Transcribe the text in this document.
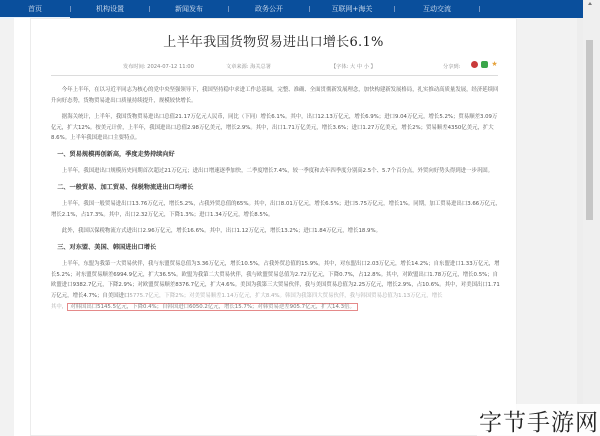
首页	机构设置	新闻发布	政务公开	互联网+海关	互动交流
上半年我国货物贸易进出口增长6.1%
发布时间: 2024-07-12 11:00	文章来源: 海关总署	【字体: 大 中 小 】	分享到:	★

今年上半年，在以习近平同志为核心的党中央坚强领导下，我国坚持稳中求进工作总基调，完整、准确、全面贯彻新发展理念，加快构建新发展格局，扎实推动高质量发展，经济延续回升向好态势，货物贸易进出口质量持续提升，规模较快增长。

据海关统计，上半年，我国货物贸易进出口总值21.17万亿元人民币，同比（下同）增长6.1%。其中，出口12.13万亿元，增长6.9%；进口9.04万亿元，增长5.2%；贸易顺差3.09万亿元，扩大12%。按美元计价，上半年，我国进出口总值2.98万亿美元，增长2.9%。其中，出口1.71万亿美元，增长3.6%；进口1.27万亿美元，增长2%；贸易顺差4350亿美元，扩大8.6%。上半年我国进出口主要特点。

一、贸易规模再创新高，季度走势持续向好

上半年，我国进出口规模历史同期首次超过21万亿元；进出口增速逐季加快，二季度增长7.4%，较一季度和去年四季度分别高2.5个、5.7个百分点，外贸向好势头得到进一步巩固。

二、一般贸易、加工贸易、保税物流进出口均增长

上半年，我国一般贸易进出口13.76万亿元，增长5.2%，占我外贸总值的65%。其中，出口8.01万亿元，增长6.5%；进口5.75万亿元，增长1%。同期，加工贸易进出口3.66万亿元，增长2.1%，占17.3%。其中，出口2.32万亿元，下降1.3%；进口1.34万亿元，增长8.5%。

此外，我国以保税物流方式进出口2.96万亿元，增长16.6%。其中，出口1.12万亿元，增长13.2%；进口1.84万亿元，增长18.9%。

三、对东盟、美国、韩国进出口增长

上半年，东盟为我第一大贸易伙伴，我与东盟贸易总值为3.36万亿元，增长10.5%，占我外贸总值的15.9%。其中，对东盟出口2.03万亿元，增长14.2%；自东盟进口1.33万亿元，增长5.2%；对东盟贸易顺差6994.9亿元，扩大36.5%。欧盟为我第二大贸易伙伴，我与欧盟贸易总值为2.72万亿元，下降0.7%，占12.8%。其中，对欧盟出口1.78万亿元，增长0.5%；自欧盟进口9382.7亿元，下降2.9%；对欧盟贸易顺差8376.7亿元，扩大4.6%。美国为我第三大贸易伙伴，我与美国贸易总值为2.25万亿元，增长2.9%，占10.6%。其中，对美国出口1.71万亿元，增长4.7%；自美国进口5775.7亿元，下降2%；对美贸易顺差1.14万亿元，扩大8.4%。韩国为我第四大贸易伙伴，我与韩国贸易总值为1.13万亿元，增长

其中， 对韩国出口5145.5亿元，下降0.4%；自韩国进口6050.2亿元，增长15.7%；对韩贸易逆差905.7亿元，扩大14.3倍。

字节手游网
